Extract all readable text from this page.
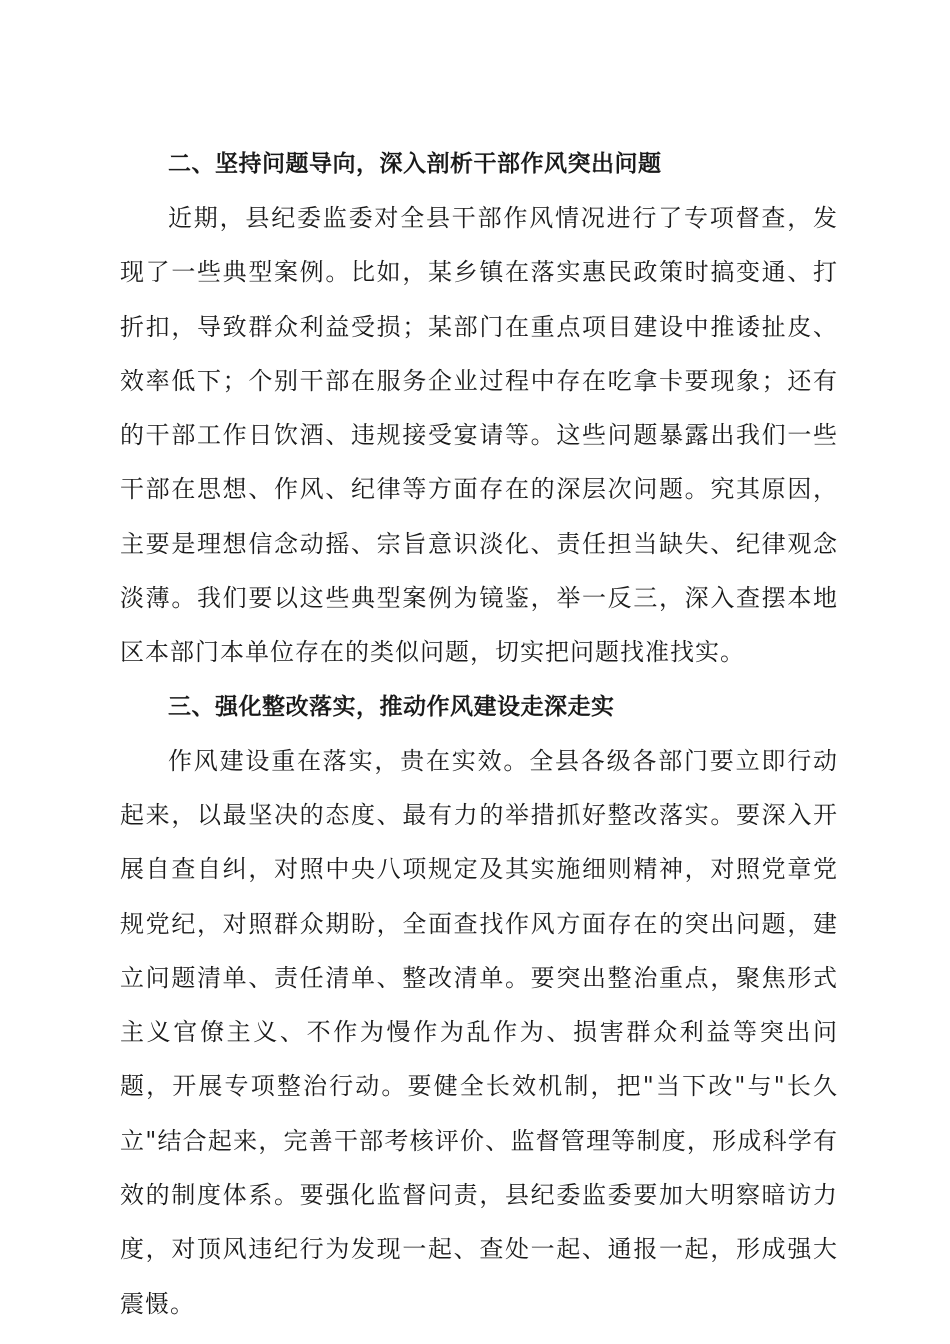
二、坚持问题导向，深入剖析干部作风突出问题

近期，县纪委监委对全县干部作风情况进行了专项督查，发现了一些典型案例。比如，某乡镇在落实惠民政策时搞变通、打折扣，导致群众利益受损；某部门在重点项目建设中推诿扯皮、效率低下；个别干部在服务企业过程中存在吃拿卡要现象；还有的干部工作日饮酒、违规接受宴请等。这些问题暴露出我们一些干部在思想、作风、纪律等方面存在的深层次问题。究其原因，主要是理想信念动摇、宗旨意识淡化、责任担当缺失、纪律观念淡薄。我们要以这些典型案例为镜鉴，举一反三，深入查摆本地区本部门本单位存在的类似问题，切实把问题找准找实。

三、强化整改落实，推动作风建设走深走实

作风建设重在落实，贵在实效。全县各级各部门要立即行动起来，以最坚决的态度、最有力的举措抓好整改落实。要深入开展自查自纠，对照中央八项规定及其实施细则精神，对照党章党规党纪，对照群众期盼，全面查找作风方面存在的突出问题，建立问题清单、责任清单、整改清单。要突出整治重点，聚焦形式主义官僚主义、不作为慢作为乱作为、损害群众利益等突出问题，开展专项整治行动。要健全长效机制，把"当下改"与"长久立"结合起来，完善干部考核评价、监督管理等制度，形成科学有效的制度体系。要强化监督问责，县纪委监委要加大明察暗访力度，对顶风违纪行为发现一起、查处一起、通报一起，形成强大震慑。
